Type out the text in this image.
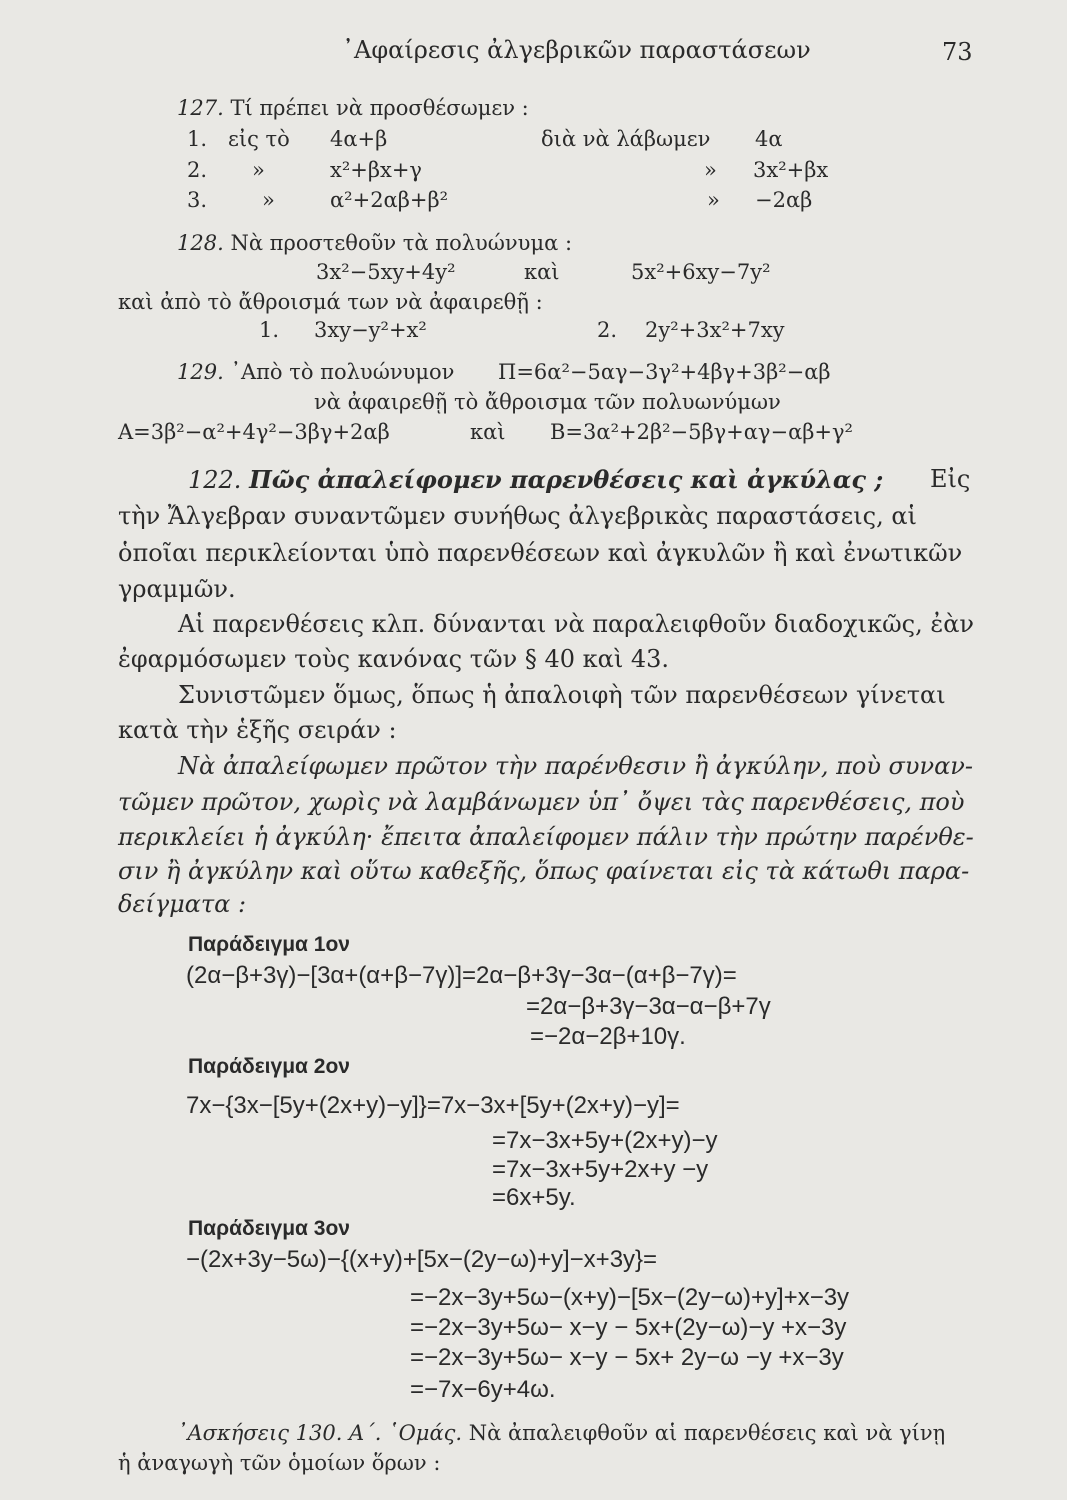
᾿Αφαίρεσις ἀλγεβρικῶν παραστάσεων	73
127. Τί πρέπει νὰ προσθέσωμεν :
1. εἰς τὸ 4α+β	διὰ νὰ λάβωμεν 4α
2. »	x²+βx+γ	» 3x²+βx
3.	»	α²+2αβ+β²	» −2αβ
128. Νὰ προστεθοῦν τὰ πολυώνυμα :
3x²−5xy+4y²	καὶ	5x²+6xy−7y²
καὶ ἀπὸ τὸ ἄθροισμά των νὰ ἀφαιρεθῇ :
1. 3xy−y²+x²	2. 2y²+3x²+7xy
129. ᾿Απὸ τὸ πολυώνυμον Π=6α²−5αγ−3γ²+4βγ+3β²−αβ
νὰ ἀφαιρεθῇ τὸ ἄθροισμα τῶν πολυωνύμων
Α=3β²−α²+4γ²−3βγ+2αβ	καὶ Β=3α²+2β²−5βγ+αγ−αβ+γ²
122. Πῶς ἀπαλείφομεν παρενθέσεις καὶ ἀγκύλας ; Εἰς
τὴν Ἄλγεβραν συναντῶμεν συνήθως ἀλγεβρικὰς παραστάσεις, αἱ
ὁποῖαι περικλείονται ὑπὸ παρενθέσεων καὶ ἀγκυλῶν ἢ καὶ ἐνωτικῶν
γραμμῶν.
Αἱ παρενθέσεις κλπ. δύνανται νὰ παραλειφθοῦν διαδοχικῶς, ἐὰν
ἐφαρμόσωμεν τοὺς κανόνας τῶν § 40 καὶ 43.
Συνιστῶμεν ὅμως, ὅπως ἡ ἀπαλοιφὴ τῶν παρενθέσεων γίνεται
κατὰ τὴν ἑξῆς σειράν :
Νὰ ἀπαλείφωμεν πρῶτον τὴν παρένθεσιν ἢ ἀγκύλην, ποὺ συναν-
τῶμεν πρῶτον, χωρὶς νὰ λαμβάνωμεν ὑπ᾿ ὄψει τὰς παρενθέσεις, ποὺ
περικλείει ἡ ἀγκύλη· ἔπειτα ἀπαλείφομεν πάλιν τὴν πρώτην παρένθε-
σιν ἢ ἀγκύλην καὶ οὕτω καθεξῆς, ὅπως φαίνεται εἰς τὰ κάτωθι παρα-
δείγματα :
Παράδειγμα 1ον
(2α−β+3γ)−[3α+(α+β−7γ)]=2α−β+3γ−3α−(α+β−7γ)=
=2α−β+3γ−3α−α−β+7γ
=−2α−2β+10γ.
Παράδειγμα 2ον
7x−{3x−[5y+(2x+y)−y]}=7x−3x+[5y+(2x+y)−y]=
=7x−3x+5y+(2x+y)−y
=7x−3x+5y+2x+y −y
=6x+5y.
Παράδειγμα 3ον
−(2x+3y−5ω)−{(x+y)+[5x−(2y−ω)+y]−x+3y}=
=−2x−3y+5ω−(x+y)−[5x−(2y−ω)+y]+x−3y
=−2x−3y+5ω− x−y − 5x+(2y−ω)−y +x−3y
=−2x−3y+5ω− x−y − 5x+ 2y−ω −y +x−3y
=−7x−6y+4ω.
᾿Ασκήσεις 130. Α΄. ῾Ομάς. Νὰ ἀπαλειφθοῦν αἱ παρενθέσεις καὶ νὰ γίνῃ
ἡ ἀναγωγὴ τῶν ὁμοίων ὅρων :
